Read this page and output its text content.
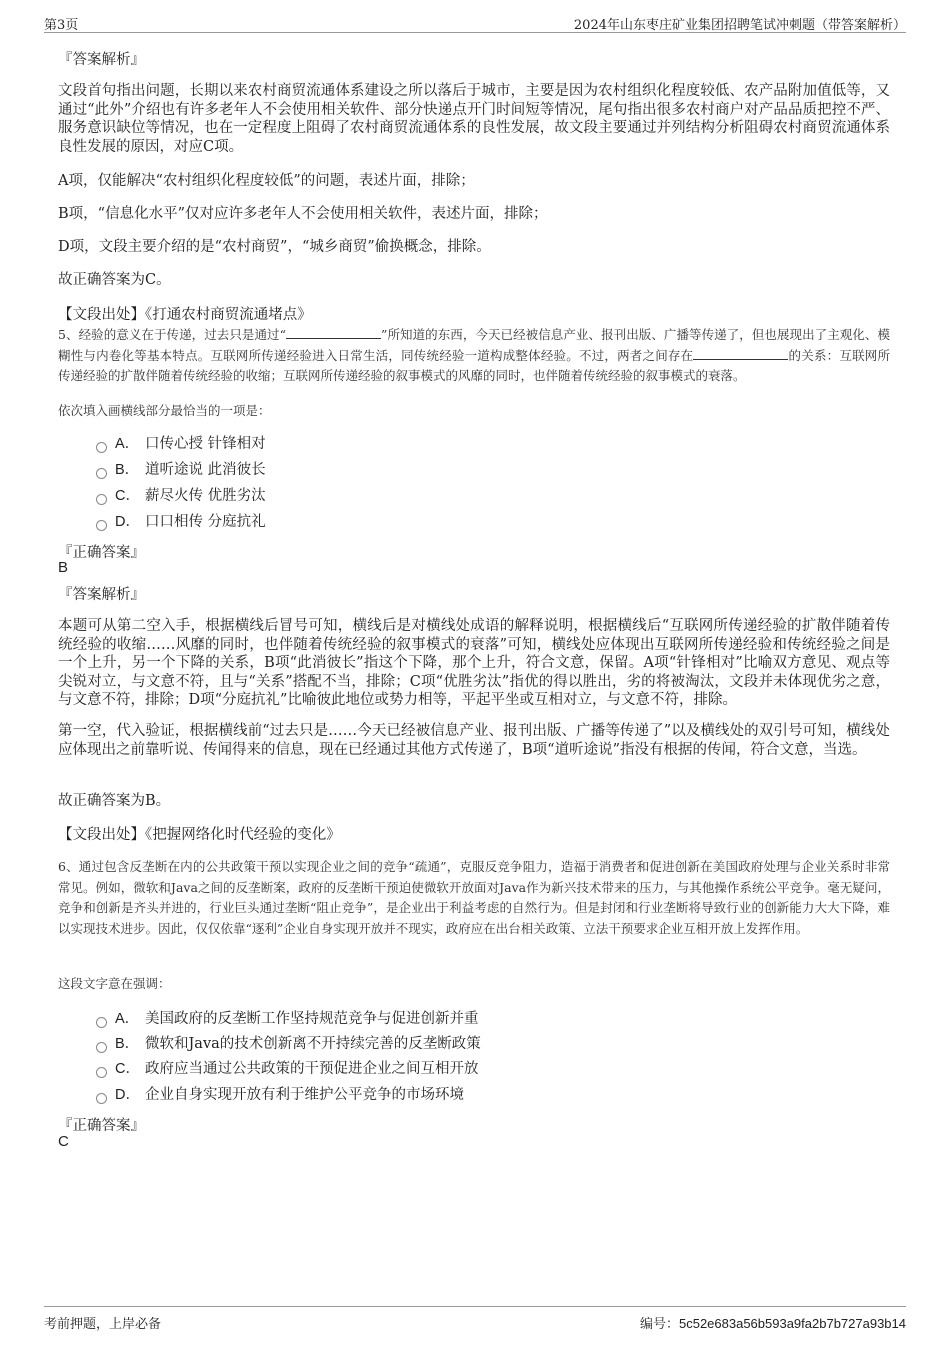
第3页	2024年山东枣庄矿业集团招聘笔试冲刺题（带答案解析）
『答案解析』
文段首句指出问题，长期以来农村商贸流通体系建设之所以落后于城市，主要是因为农村组织化程度较低、农产品附加值低等，又通过“此外”介绍也有许多老年人不会使用相关软件、部分快递点开门时间短等情况，尾句指出很多农村商户对产品品质把控不严、服务意识缺位等情况，也在一定程度上阻碍了农村商贸流通体系的良性发展，故文段主要通过并列结构分析阻碍农村商贸流通体系良性发展的原因，对应C项。
A项，仅能解决“农村组织化程度较低”的问题，表述片面，排除；
B项，“信息化水平”仅对应许多老年人不会使用相关软件，表述片面，排除；
D项，文段主要介绍的是“农村商贸”，“城乡商贸”偷换概念，排除。
故正确答案为C。
【文段出处】《打通农村商贸流通堵点》
5、经验的意义在于传递，过去只是通过“	”所知道的东西，今天已经被信息产业、报刊出版、广播等传递了，但也展现出了主观化、模糊性与内卷化等基本特点。互联网所传递经验进入日常生活，同传统经验一道构成整体经验。不过，两者之间存在	的关系：互联网所传递经验的扩散伴随着传统经验的收缩；互联网所传递经验的叙事模式的风靡的同时，也伴随着传统经验的叙事模式的衰落。
依次填入画横线部分最恰当的一项是：
A． 口传心授 针锋相对
B． 道听途说 此消彼长
C． 薪尽火传 优胜劣汰
D． 口口相传 分庭抗礼
『正确答案』
B
『答案解析』
本题可从第二空入手，根据横线后冒号可知，横线后是对横线处成语的解释说明，根据横线后“互联网所传递经验的扩散伴随着传统经验的收缩……风靡的同时，也伴随着传统经验的叙事模式的衰落”可知，横线处应体现出互联网所传递经验和传统经验之间是一个上升，另一个下降的关系，B项“此消彼长”指这个下降，那个上升，符合文意，保留。A项“针锋相对”比喻双方意见、观点等尖锐对立，与文意不符，且与“关系”搭配不当，排除；C项“优胜劣汰”指优的得以胜出，劣的将被淘汰，文段并未体现优劣之意，与文意不符，排除；D项“分庭抗礼”比喻彼此地位或势力相等，平起平坐或互相对立，与文意不符，排除。
第一空，代入验证，根据横线前“过去只是……今天已经被信息产业、报刊出版、广播等传递了”以及横线处的双引号可知，横线处应体现出之前靠听说、传闻得来的信息，现在已经通过其他方式传递了，B项“道听途说”指没有根据的传闻，符合文意，当选。
故正确答案为B。
【文段出处】《把握网络化时代经验的变化》
6、通过包含反垄断在内的公共政策干预以实现企业之间的竞争“疏通”，克服反竞争阻力，造福于消费者和促进创新在美国政府处理与企业关系时非常常见。例如，微软和Java之间的反垄断案，政府的反垄断干预迫使微软开放面对Java作为新兴技术带来的压力，与其他操作系统公平竞争。毫无疑问，竞争和创新是齐头并进的，行业巨头通过垄断“阻止竞争”，是企业出于利益考虑的自然行为。但是封闭和行业垄断将导致行业的创新能力大大下降，难以实现技术进步。因此，仅仅依靠“逐利”企业自身实现开放并不现实，政府应在出台相关政策、立法干预要求企业互相开放上发挥作用。
这段文字意在强调：
A． 美国政府的反垄断工作坚持规范竞争与促进创新并重
B． 微软和Java的技术创新离不开持续完善的反垄断政策
C． 政府应当通过公共政策的干预促进企业之间互相开放
D． 企业自身实现开放有利于维护公平竞争的市场环境
『正确答案』
C
考前押题，上岸必备	编号：5c52e683a56b593a9fa2b7b727a93b14
